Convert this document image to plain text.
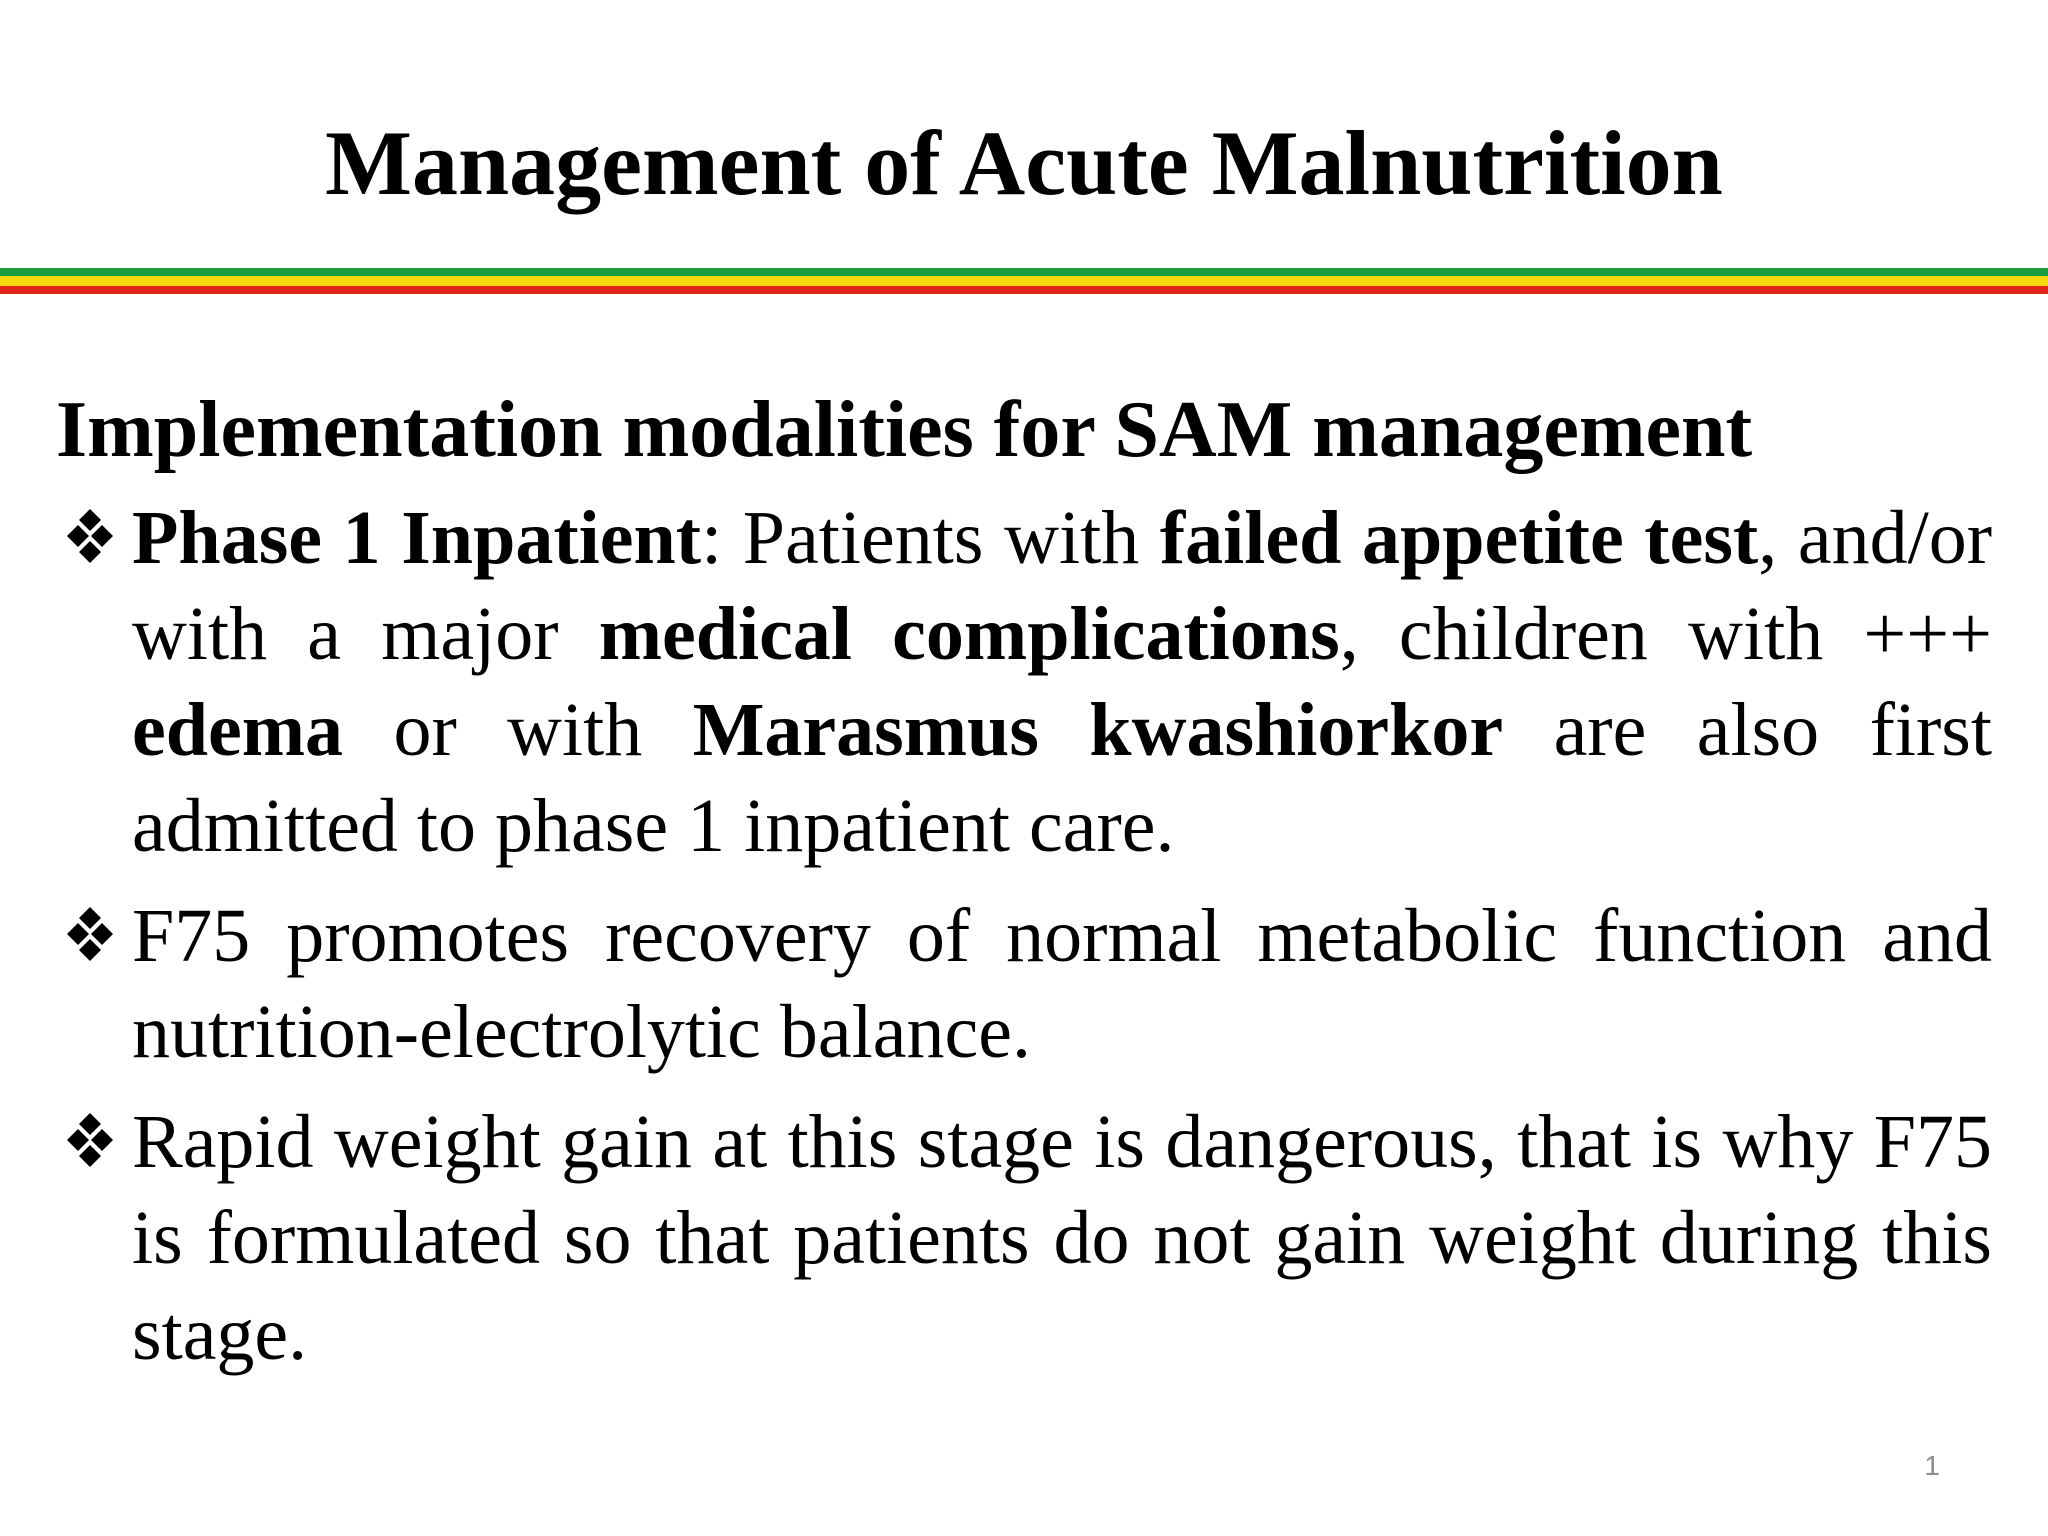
Management of Acute Malnutrition
Implementation modalities for SAM management
Phase 1 Inpatient: Patients with failed appetite test, and/or with a major medical complications, children with +++ edema or with Marasmus kwashiorkor are also first admitted to phase 1 inpatient care.
F75 promotes recovery of normal metabolic function and nutrition-electrolytic balance.
Rapid weight gain at this stage is dangerous, that is why F75 is formulated so that patients do not gain weight during this stage.
1
